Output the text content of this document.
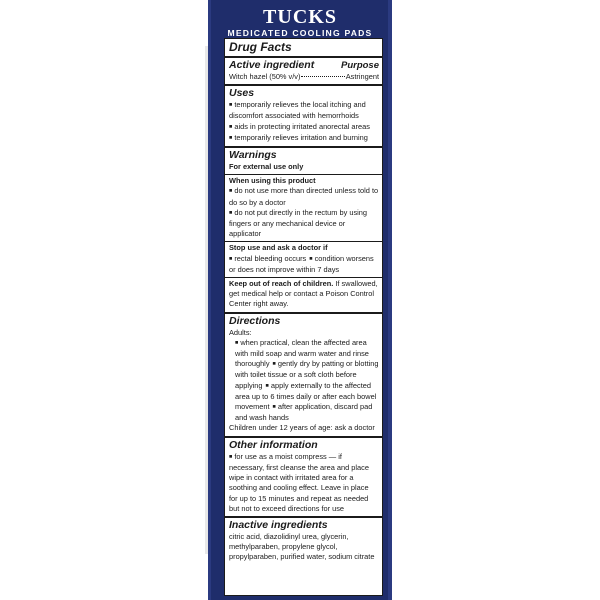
TUCKS
MEDICATED COOLING PADS
Drug Facts
Active ingredient	Purpose
Witch hazel (50% v/v)	Astringent
Uses
■ temporarily relieves the local itching and discomfort associated with hemorrhoids
■ aids in protecting irritated anorectal areas
■ temporarily relieves irritation and burning
Warnings
For external use only
When using this product
■ do not use more than directed unless told to do so by a doctor
■ do not put directly in the rectum by using fingers or any mechanical device or applicator
Stop use and ask a doctor if
■ rectal bleeding occurs ■ condition worsens or does not improve within 7 days
Keep out of reach of children. If swallowed, get medical help or contact a Poison Control Center right away.
Directions
Adults:
■ when practical, clean the affected area with mild soap and warm water and rinse thoroughly ■ gently dry by patting or blotting with toilet tissue or a soft cloth before applying ■ apply externally to the affected area up to 6 times daily or after each bowel movement ■ after application, discard pad and wash hands
Children under 12 years of age: ask a doctor
Other information
■ for use as a moist compress — if necessary, first cleanse the area and place wipe in contact with irritated area for a soothing and cooling effect. Leave in place for up to 15 minutes and repeat as needed but not to exceed directions for use
Inactive ingredients
citric acid, diazolidinyl urea, glycerin, methylparaben, propylene glycol, propylparaben, purified water, sodium citrate
